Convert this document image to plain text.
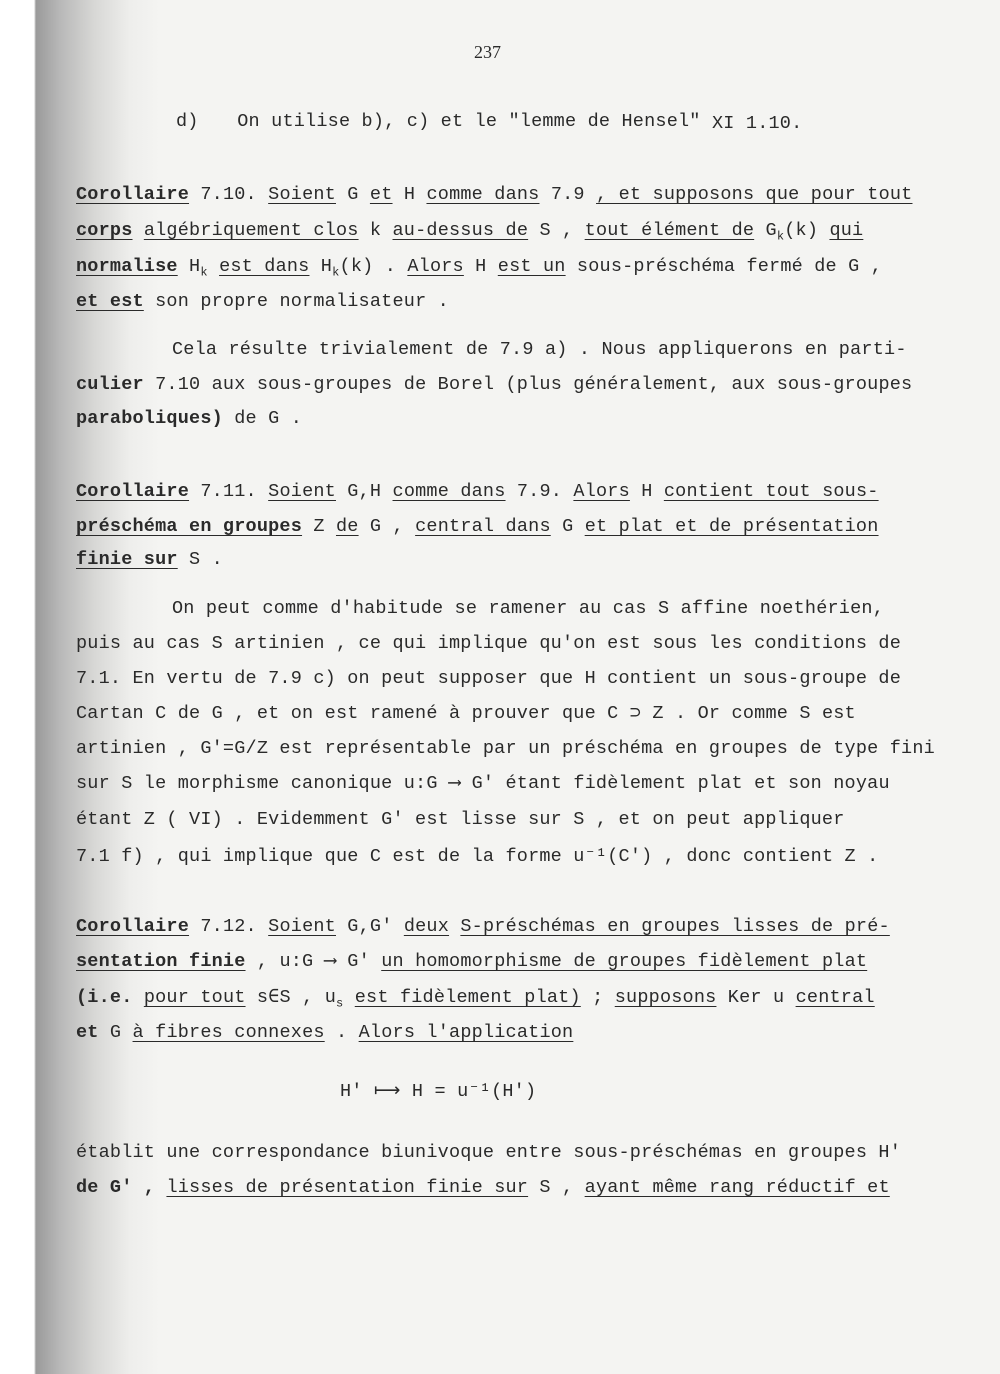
237
d) On utilise b), c) et le "lemme de Hensel" XI 1.10.
Corollaire 7.10. Soient G et H comme dans 7.9 , et supposons que pour tout
corps algébriquement clos k au-dessus de S , tout élément de $G_k(k)$ qui
normalise $H_k$ est dans $H_k(k)$ . Alors H est un sous-préschéma fermé de G ,
et est son propre normalisateur .
Cela résulte trivialement de 7.9 a) . Nous appliquerons en parti-
culier 7.10 aux sous-groupes de Borel (plus généralement, aux sous-groupes
paraboliques) de G .
Corollaire 7.11. Soient G,H comme dans 7.9. Alors H contient tout sous-
préschéma en groupes Z de G , central dans G et plat et de présentation
finie sur S .
On peut comme d'habitude se ramener au cas S affine noethérien,
puis au cas S artinien , ce qui implique qu'on est sous les conditions de
7.1. En vertu de 7.9 c) on peut supposer que H contient un sous-groupe de
Cartan C de G , et on est ramené à prouver que C ⊃ Z . Or comme S est
artinien , G'=G/Z est représentable par un préschéma en groupes de type fini
sur S le morphisme canonique u:G ⟶ G' étant fidèlement plat et son noyau
étant Z ( VI) . Evidemment G' est lisse sur S , et on peut appliquer
7.1 f) , qui implique que C est de la forme u⁻¹(C') , donc contient Z .
Corollaire 7.12. Soient G,G' deux S-préschémas en groupes lisses de pré-
sentation finie , u:G ⟶ G' un homomorphisme de groupes fidèlement plat
(i.e. pour tout s∈S , $u_s$ est fidèlement plat) ; supposons Ker u central
et G à fibres connexes . Alors l'application
H' ⟼ H = u⁻¹(H')
établit une correspondance biunivoque entre sous-préschémas en groupes H'
de G' , lisses de présentation finie sur S , ayant même rang réductif et
